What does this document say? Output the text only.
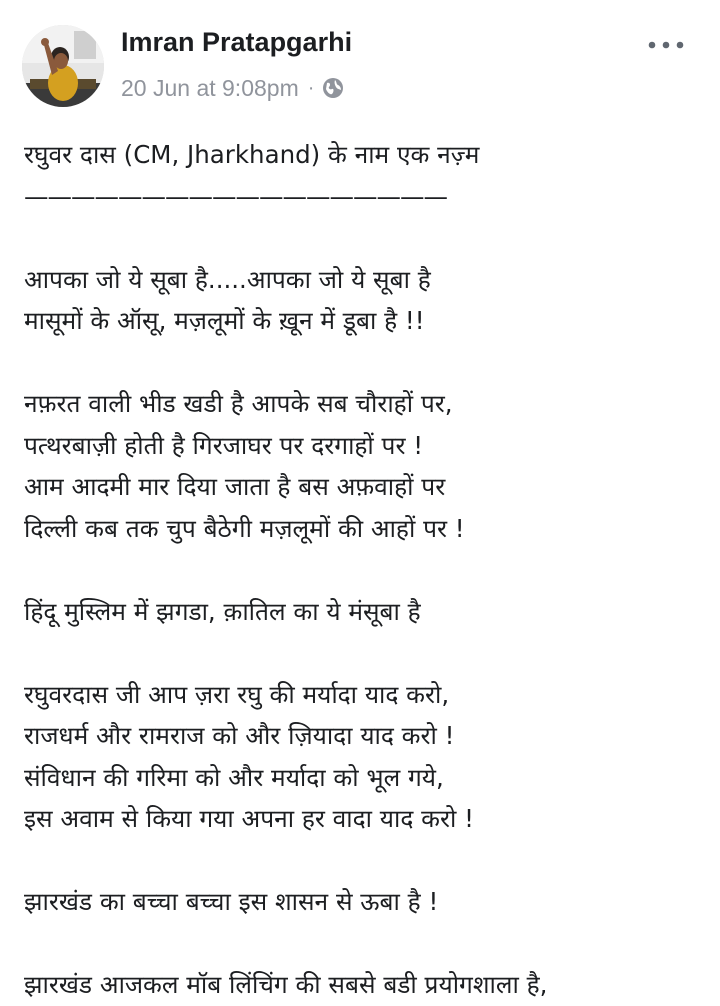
Imran Pratapgarhi
20 Jun at 9:08pm ·
रघुवर दास (CM, Jharkhand) के नाम एक नज़्म
——————————————————
आपका जो ये सूबा है.....आपका जो ये सूबा है
मासूमों के ऑसू, मज़लूमों के ख़ून में डूबा है !!
नफ़रत वाली भीड खडी है आपके सब चौराहों पर,
पत्थरबाज़ी होती है गिरजाघर पर दरगाहों पर !
आम आदमी मार दिया जाता है बस अफ़वाहों पर
दिल्ली कब तक चुप बैठेगी मज़लूमों की आहों पर !
हिंदू मुस्लिम में झगडा, क़ातिल का ये मंसूबा है
रघुवरदास जी आप ज़रा रघु की मर्यादा याद करो,
राजधर्म और रामराज को और ज़ियादा याद करो !
संविधान की गरिमा को और मर्यादा को भूल गये,
इस अवाम से किया गया अपना हर वादा याद करो !
झारखंड का बच्चा बच्चा इस शासन से ऊबा है !
झारखंड आजकल मॉब लिंचिंग की सबसे बडी प्रयोगशाला है,
